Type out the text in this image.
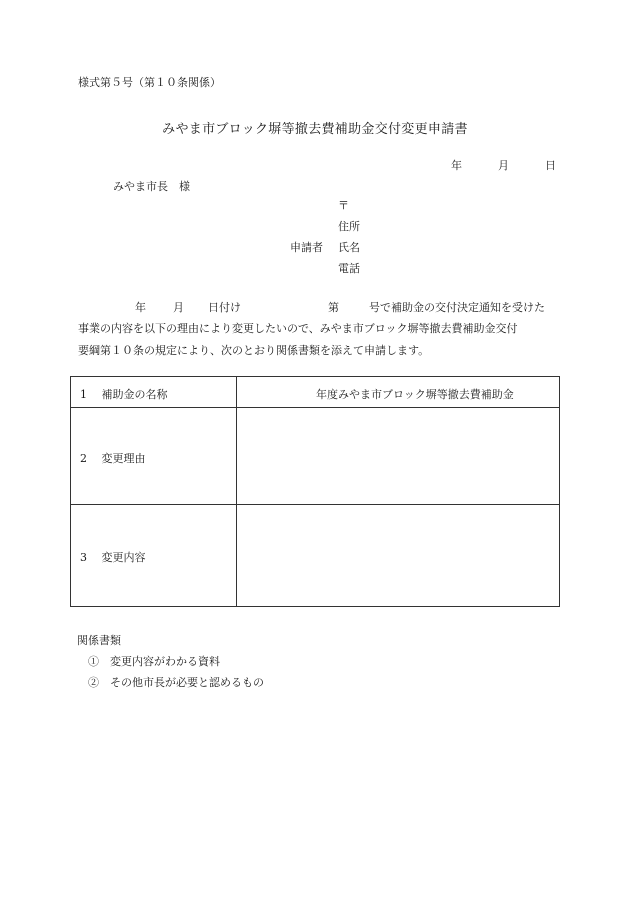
様式第５号（第１０条関係）
みやま市ブロック塀等撤去費補助金交付変更申請書
年	月	日
みやま市長　様
〒
住所
申請者 氏名
電話
年 月 日付け	第	号で補助金の交付決定通知を受けた
事業の内容を以下の理由により変更したいので、みやま市ブロック塀等撤去費補助金交付
要綱第１０条の規定により、次のとおり関係書類を添えて申請します。
1　 補助金の名称	年度みやま市ブロック塀等撤去費補助金
2　 変更理由
3　 変更内容
関係書類
①　変更内容がわかる資料
②　その他市長が必要と認めるもの
